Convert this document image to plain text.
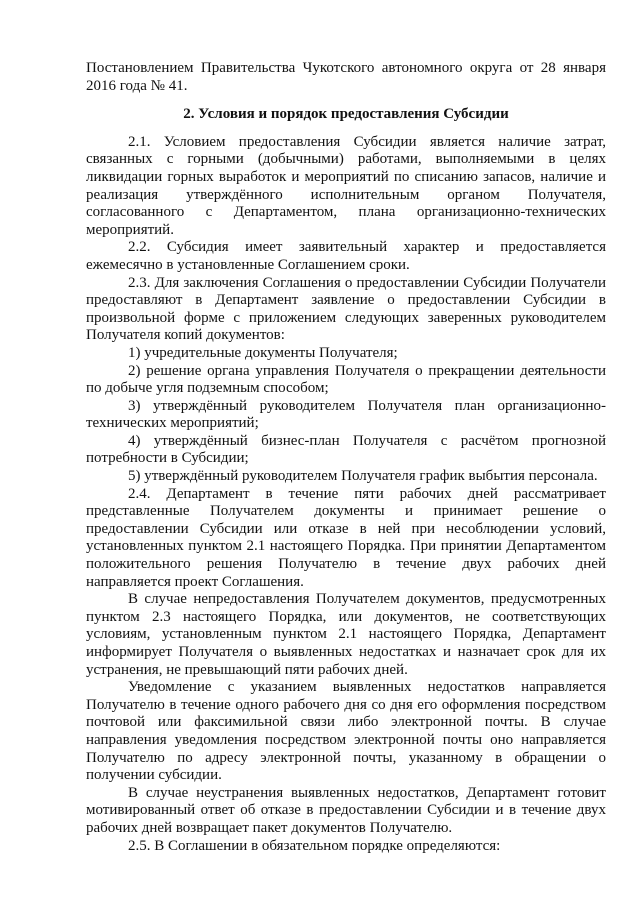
Постановлением Правительства Чукотского автономного округа от 28 января 2016 года № 41.

2. Условия и порядок предоставления Субсидии

2.1. Условием предоставления Субсидии является наличие затрат, связанных с горными (добычными) работами, выполняемыми в целях ликвидации горных выработок и мероприятий по списанию запасов, наличие и реализация утверждённого исполнительным органом Получателя, согласованного с Департаментом, плана организационно-технических мероприятий.

2.2. Субсидия имеет заявительный характер и предоставляется ежемесячно в установленные Соглашением сроки.

2.3. Для заключения Соглашения о предоставлении Субсидии Получатели предоставляют в Департамент заявление о предоставлении Субсидии в произвольной форме с приложением следующих заверенных руководителем Получателя копий документов:

1) учредительные документы Получателя;

2) решение органа управления Получателя о прекращении деятельности по добыче угля подземным способом;

3) утверждённый руководителем Получателя план организационно-технических мероприятий;

4) утверждённый бизнес-план Получателя с расчётом прогнозной потребности в Субсидии;

5) утверждённый руководителем Получателя график выбытия персонала.

2.4. Департамент в течение пяти рабочих дней рассматривает представленные Получателем документы и принимает решение о предоставлении Субсидии или отказе в ней при несоблюдении условий, установленных пунктом 2.1 настоящего Порядка. При принятии Департаментом положительного решения Получателю в течение двух рабочих дней направляется проект Соглашения.

В случае непредоставления Получателем документов, предусмотренных пунктом 2.3 настоящего Порядка, или документов, не соответствующих условиям, установленным пунктом 2.1 настоящего Порядка, Департамент информирует Получателя о выявленных недостатках и назначает срок для их устранения, не превышающий пяти рабочих дней.

Уведомление с указанием выявленных недостатков направляется Получателю в течение одного рабочего дня со дня его оформления посредством почтовой или факсимильной связи либо электронной почты. В случае направления уведомления посредством электронной почты оно направляется Получателю по адресу электронной почты, указанному в обращении о получении субсидии.

В случае неустранения выявленных недостатков, Департамент готовит мотивированный ответ об отказе в предоставлении Субсидии и в течение двух рабочих дней возвращает пакет документов Получателю.

2.5. В Соглашении в обязательном порядке определяются:
